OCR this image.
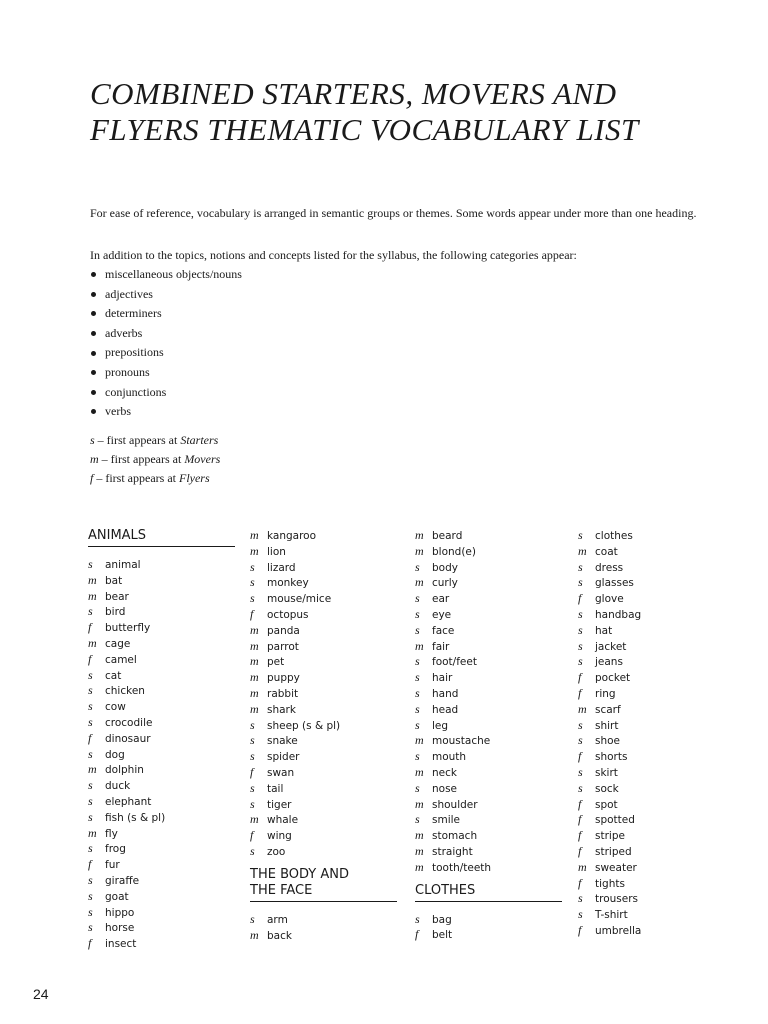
COMBINED STARTERS, MOVERS AND
FLYERS THEMATIC VOCABULARY LIST

For ease of reference, vocabulary is arranged in semantic groups or themes. Some words appear under more than one heading.

In addition to the topics, notions and concepts listed for the syllabus, the following categories appear:

miscellaneous objects/nouns
adjectives
determiners
adverbs
prepositions
pronouns
conjunctions
verbs
s – first appears at Starters
m – first appears at Movers
f – first appears at Flyers
ANIMALS
s animal
m bat
m bear
s bird
f butterfly
m cage
f camel
s cat
s chicken
s cow
s crocodile
f dinosaur
s dog
m dolphin
s duck
s elephant
s fish (s & pl)
m fly
s frog
f fur
s giraffe
s goat
s hippo
s horse
f insect
m kangaroo
m lion
s lizard
s monkey
s mouse/mice
f octopus
m panda
m parrot
m pet
m puppy
m rabbit
m shark
s sheep (s & pl)
s snake
s spider
f swan
s tail
s tiger
m whale
f wing
s zoo
THE BODY AND
THE FACE
s arm
m back
m beard
m blond(e)
s body
m curly
s ear
s eye
s face
m fair
s foot/feet
s hair
s hand
s head
s leg
m moustache
s mouth
m neck
s nose
m shoulder
s smile
m stomach
m straight
m tooth/teeth
CLOTHES
s bag
f belt
s clothes
m coat
s dress
s glasses
f glove
s handbag
s hat
s jacket
s jeans
f pocket
f ring
m scarf
s shirt
s shoe
f shorts
s skirt
s sock
f spot
f spotted
f stripe
f striped
m sweater
f tights
s trousers
s T-shirt
f umbrella
24
